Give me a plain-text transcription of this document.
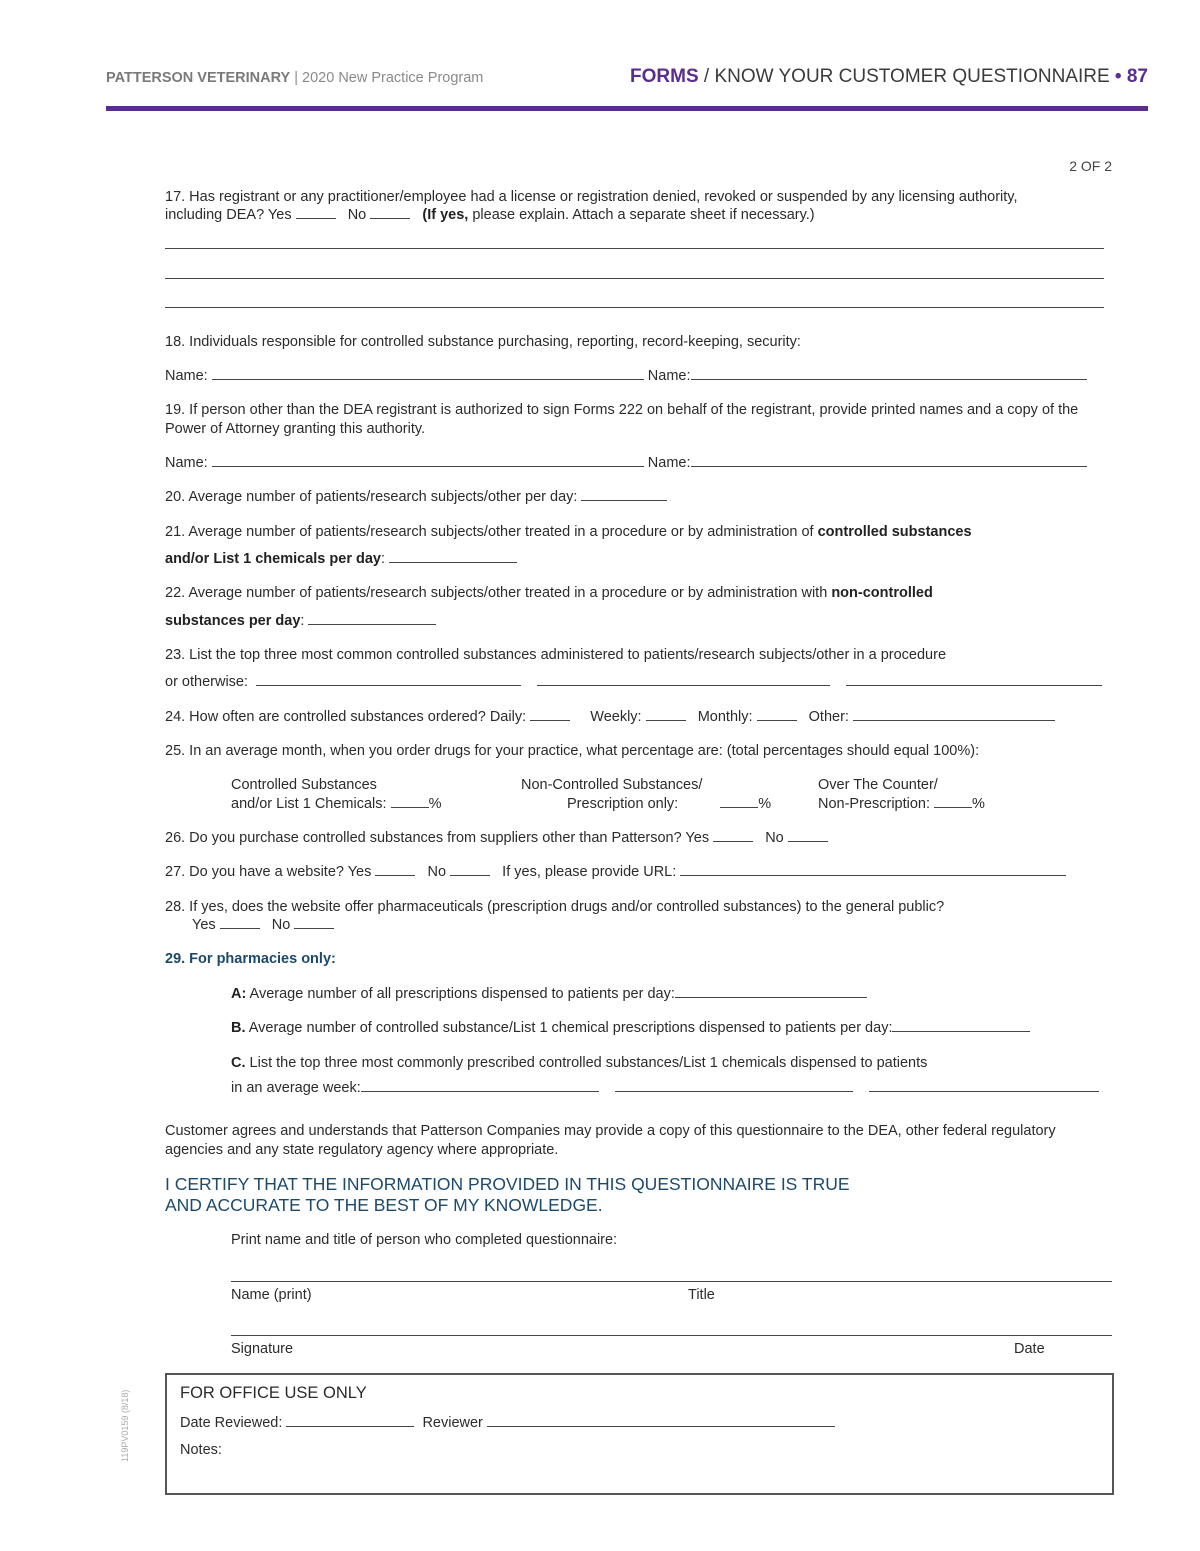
PATTERSON VETERINARY | 2020 New Practice Program	FORMS / KNOW YOUR CUSTOMER QUESTIONNAIRE • 87
2 OF 2
17. Has registrant or any practitioner/employee had a license or registration denied, revoked or suspended by any licensing authority,
including DEA? Yes	No	(If yes, please explain. Attach a separate sheet if necessary.)
18. Individuals responsible for controlled substance purchasing, reporting, record-keeping, security:
Name:	Name:
19. If person other than the DEA registrant is authorized to sign Forms 222 on behalf of the registrant, provide printed names and a copy of the Power of Attorney granting this authority.
Name:	Name:
20. Average number of patients/research subjects/other per day:
21. Average number of patients/research subjects/other treated in a procedure or by administration of controlled substances
and/or List 1 chemicals per day:
22. Average number of patients/research subjects/other treated in a procedure or by administration with non-controlled
substances per day:
23. List the top three most common controlled substances administered to patients/research subjects/other in a procedure
or otherwise:
24. How often are controlled substances ordered? Daily:	Weekly:	Monthly:	Other:
25. In an average month, when you order drugs for your practice, what percentage are: (total percentages should equal 100%):
Controlled Substances
and/or List 1 Chemicals:	%
Non-Controlled Substances/
Prescription only:	%
Over The Counter/
Non-Prescription:	%
26. Do you purchase controlled substances from suppliers other than Patterson? Yes	No
27. Do you have a website? Yes	No	If yes, please provide URL:
28. If yes, does the website offer pharmaceuticals (prescription drugs and/or controlled substances) to the general public?
Yes	No
29. For pharmacies only:
A: Average number of all prescriptions dispensed to patients per day:
B. Average number of controlled substance/List 1 chemical prescriptions dispensed to patients per day:
C. List the top three most commonly prescribed controlled substances/List 1 chemicals dispensed to patients
in an average week:
Customer agrees and understands that Patterson Companies may provide a copy of this questionnaire to the DEA, other federal regulatory agencies and any state regulatory agency where appropriate.
I CERTIFY THAT THE INFORMATION PROVIDED IN THIS QUESTIONNAIRE IS TRUE
AND ACCURATE TO THE BEST OF MY KNOWLEDGE.
Print name and title of person who completed questionnaire:
Name (print)	Title
Signature	Date
FOR OFFICE USE ONLY
Date Reviewed:	Reviewer
Notes:
119PV0159 (8/18)
